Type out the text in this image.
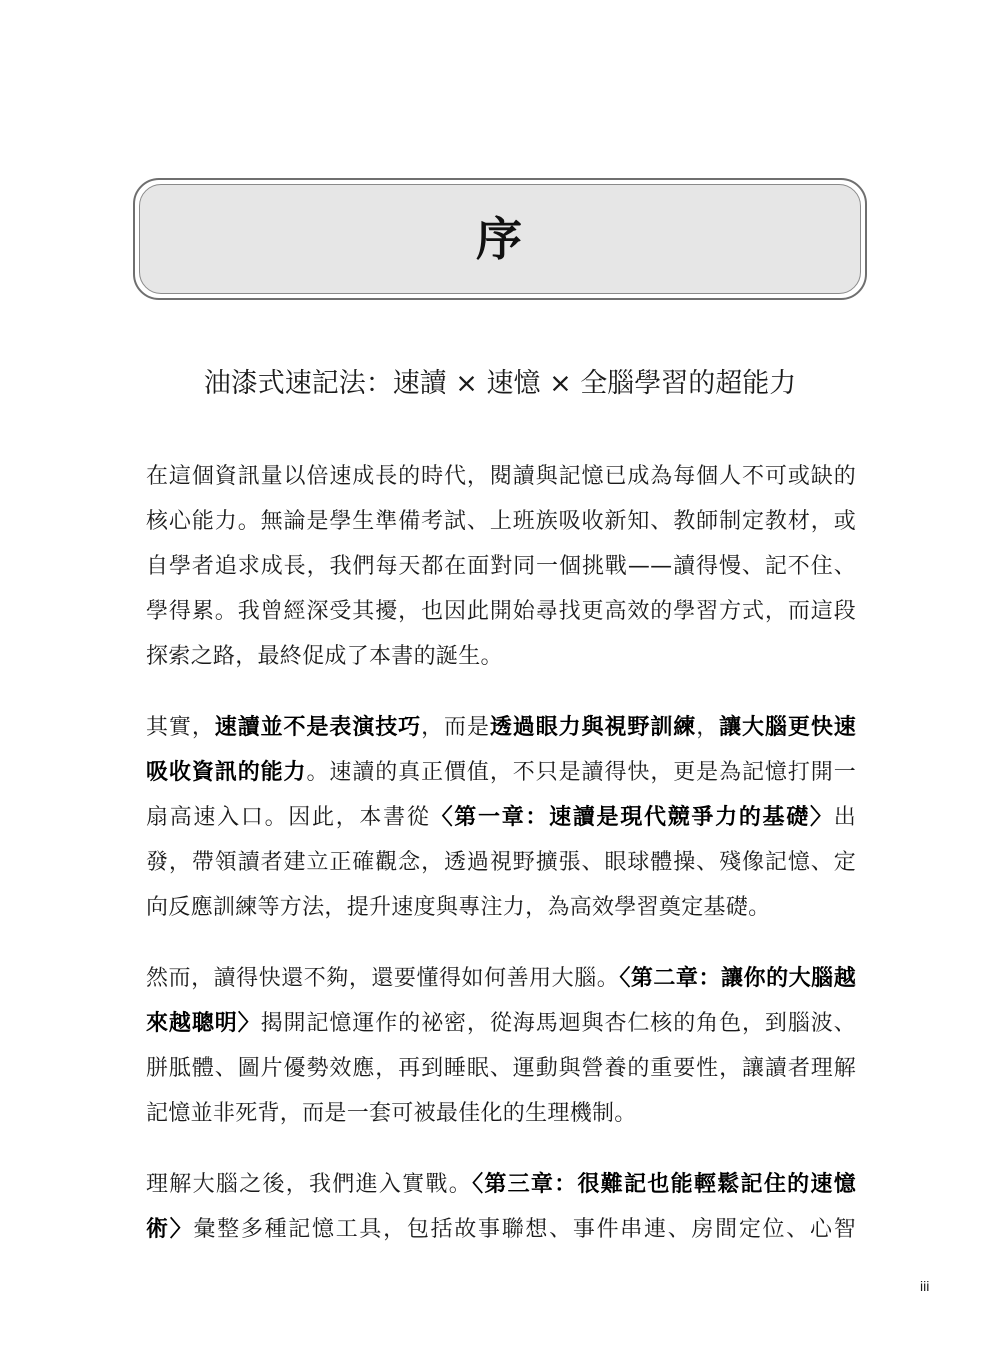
序
油漆式速記法：速讀 × 速憶 × 全腦學習的超能力
在這個資訊量以倍速成長的時代，閱讀與記憶已成為每個人不可或缺的
核心能力。無論是學生準備考試、上班族吸收新知、教師制定教材，或
自學者追求成長，我們每天都在面對同一個挑戰——讀得慢、記不住、
學得累。我曾經深受其擾，也因此開始尋找更高效的學習方式，而這段
探索之路，最終促成了本書的誕生。
其實，速讀並不是表演技巧，而是透過眼力與視野訓練，讓大腦更快速
吸收資訊的能力。速讀的真正價值，不只是讀得快，更是為記憶打開一
扇高速入口。因此，本書從〈第一章：速讀是現代競爭力的基礎〉出
發，帶領讀者建立正確觀念，透過視野擴張、眼球體操、殘像記憶、定
向反應訓練等方法，提升速度與專注力，為高效學習奠定基礎。
然而，讀得快還不夠，還要懂得如何善用大腦。〈第二章：讓你的大腦越
來越聰明〉揭開記憶運作的祕密，從海馬迴與杏仁核的角色，到腦波、
胼胝體、圖片優勢效應，再到睡眠、運動與營養的重要性，讓讀者理解
記憶並非死背，而是一套可被最佳化的生理機制。
理解大腦之後，我們進入實戰。〈第三章：很難記也能輕鬆記住的速憶
術〉彙整多種記憶工具，包括故事聯想、事件串連、房間定位、心智
iii
